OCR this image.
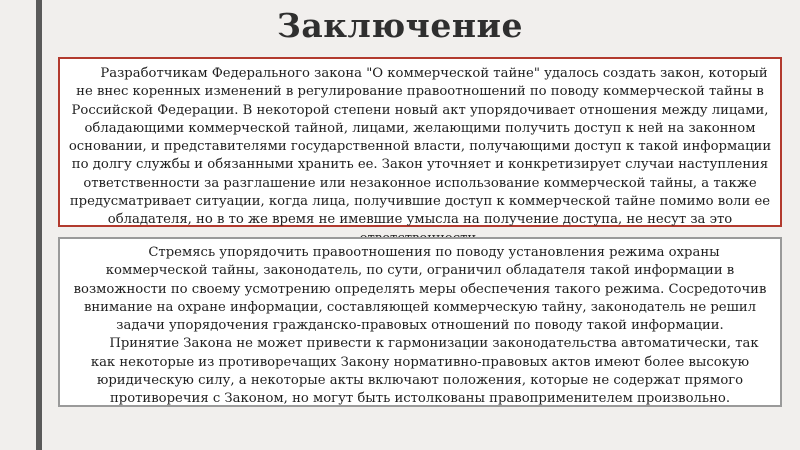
Заключение

Разработчикам Федерального закона "О коммерческой тайне" удалось создать закон, который не внес коренных изменений в регулирование правоотношений по поводу коммерческой тайны в Российской Федерации. В некоторой степени новый акт упорядочивает отношения между лицами, обладающими коммерческой тайной, лицами, желающими получить доступ к ней на законном основании, и представителями государственной власти, получающими доступ к такой информации по долгу службы и обязанными хранить ее. Закон уточняет и конкретизирует случаи наступления ответственности за разглашение или незаконное использование коммерческой тайны, а также предусматривает ситуации, когда лица, получившие доступ к коммерческой тайне помимо воли ее обладателя, но в то же время не имевшие умысла на получение доступа, не несут за это

Стремясь упорядочить правоотношения по поводу установления режима охраны коммерческой тайны, законодатель, по сути, ограничил обладателя такой информации в возможности по своему усмотрению определять меры обеспечения такого режима. Сосредоточив внимание на охране информации, составляющей коммерческую тайну, законодатель не решил задачи упорядочения гражданско-правовых отношений по поводу такой информации.

Принятие Закона не может привести к гармонизации законодательства автоматически, так как некоторые из противоречащих Закону нормативно-правовых актов имеют более высокую юридическую силу, а некоторые акты включают положения, которые не содержат прямого противоречия с Законом, но могут быть истолкованы правоприменителем произвольно.
